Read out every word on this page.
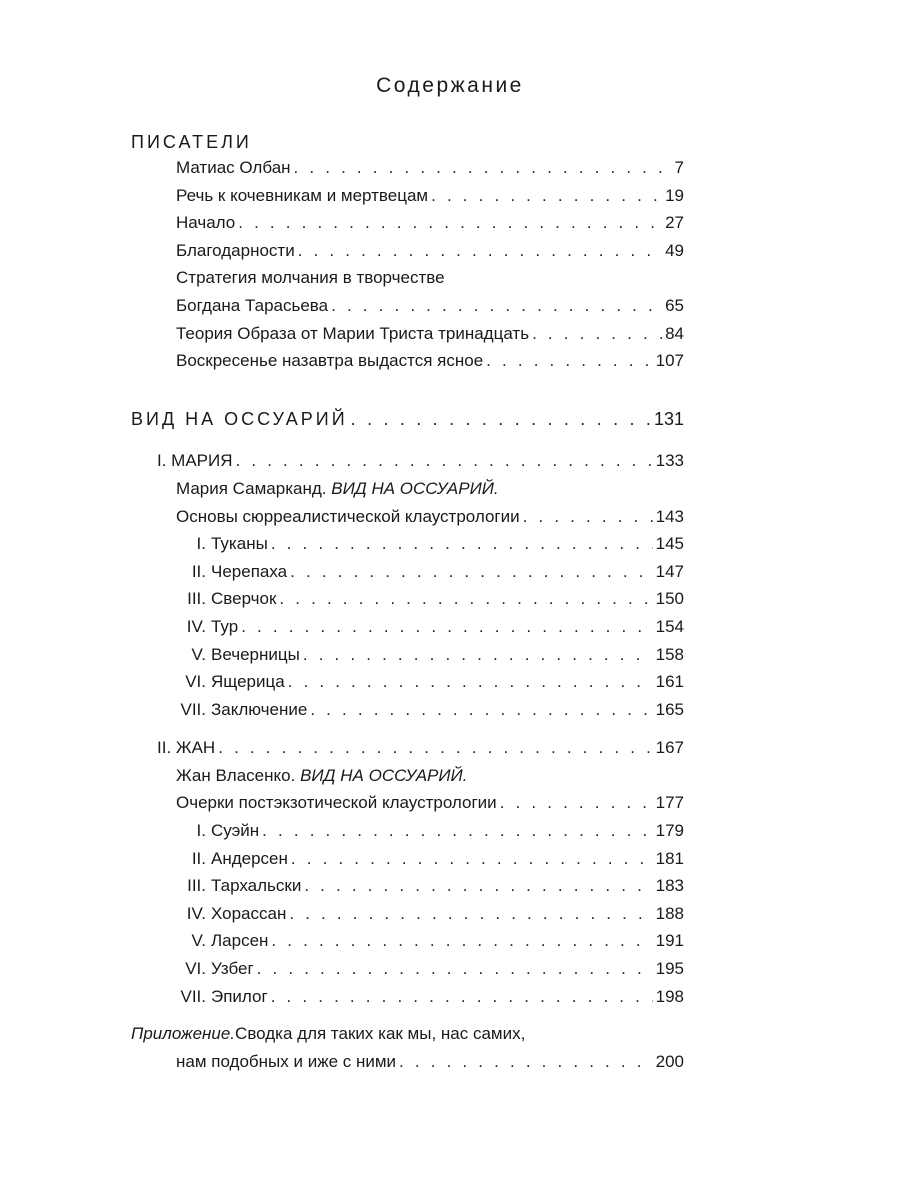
Содержание
ПИСАТЕЛИ
Матиас Олбан . . .	7
Речь к кочевникам и мертвецам . . .	19
Начало . . .	27
Благодарности . . .	49
Стратегия молчания в творчестве
Богдана Тарасьева . . .	65
Теория Образа от Марии Триста тринадцать . . .	84
Воскресенье назавтра выдастся ясное . . .	107
ВИД НА ОССУАРИЙ . . .	131
I. МАРИЯ . . .	133
Мария Самарканд.
ВИД НА ОССУАРИЙ.
Основы сюрреалистической клаустрологии . . .	143
I. Туканы . . .	145
II. Черепаха . . .	147
III. Сверчок . . .	150
IV. Тур . . .	154
V. Вечерницы . . .	158
VI. Ящерица . . .	161
VII. Заключение . . .	165
II. ЖАН . . .	167
Жан Власенко.
ВИД НА ОССУАРИЙ.
Очерки постэкзотической клаустрологии . . .	177
I. Суэйн . . .	179
II. Андерсен . . .	181
III. Тархальски . . .	183
IV. Хорассан . . .	188
V. Ларсен . . .	191
VI. Узбег . . .	195
VII. Эпилог . . .	198
Приложение. Сводка для таких как мы, нас самих,
нам подобных и иже с ними . . .	200
